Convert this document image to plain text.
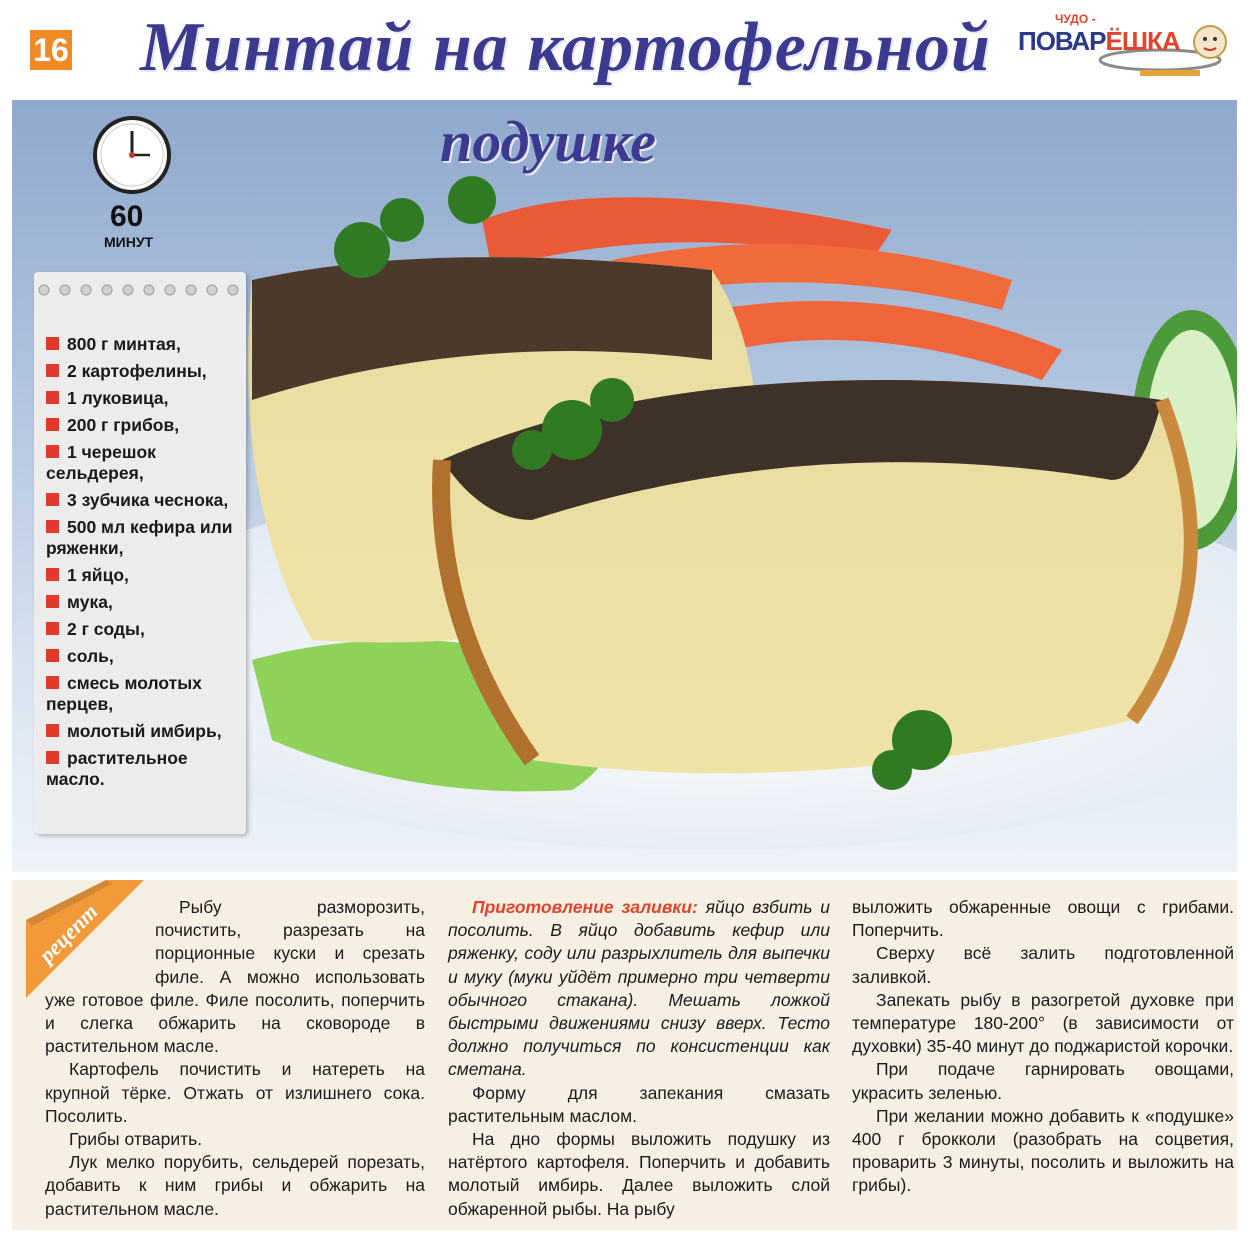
16 Минтай на картофельной	ЧУДО -
ПОВАРЁШКА
подушке
60
МИНУТ
800 г минтая,
2 картофелины,
1 луковица,
200 г грибов,
1 черешок сельдерея,
3 зубчика чеснока,
500 мл кефира или ряженки,
1 яйцо,
мука,
2 г соды,
соль,
смесь молотых перцев,
молотый имбирь,
растительное масло.
рецепт	Рыбу разморозить, почистить, разрезать на порционные куски и срезать филе. А можно использовать уже готовое филе. Филе посолить, поперчить и слегка обжарить на сковороде в растительном масле.

Картофель почистить и натереть на крупной тёрке. Отжать от излишнего сока. Посолить.

Грибы отварить.

Лук мелко порубить, сельдерей порезать, добавить к ним грибы и обжарить на растительном масле.

Приготовление заливки: яйцо взбить и посолить. В яйцо добавить кефир или ряженку, соду или разрыхлитель для выпечки и муку (муки уйдёт примерно три четверти обычного стакана). Мешать ложкой быстрыми движениями снизу вверх. Тесто должно получиться по консистенции как сметана.

Форму для запекания смазать растительным маслом.

На дно формы выложить подушку из натёртого картофеля. Поперчить и добавить молотый имбирь. Далее выложить слой обжаренной рыбы. На рыбу

выложить обжаренные овощи с грибами. Поперчить.

Сверху всё залить подготовленной заливкой.

Запекать рыбу в разогретой духовке при температуре 180-200° (в зависимости от духовки) 35-40 минут до поджаристой корочки.

При подаче гарнировать овощами, украсить зеленью.

При желании можно добавить к «подушке» 400 г брокколи (разобрать на соцветия, проварить 3 минуты, посолить и выложить на грибы).
